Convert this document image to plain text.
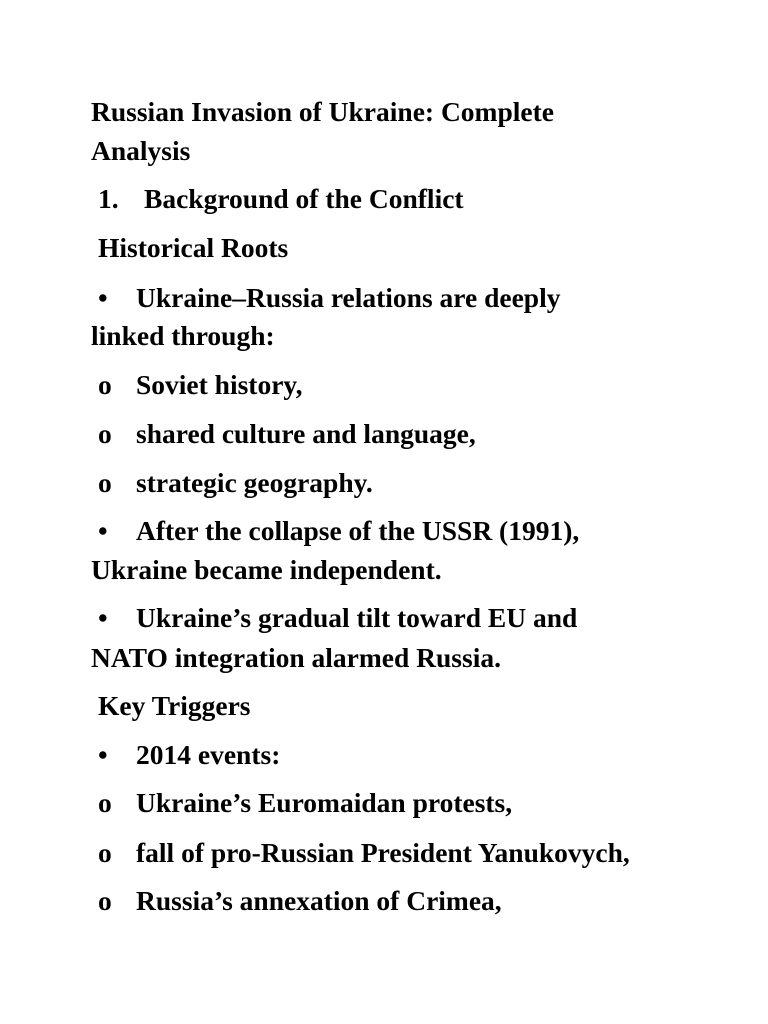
Russian Invasion of Ukraine: Complete
Analysis
1. Background of the Conflict
Historical Roots
• Ukraine–Russia relations are deeply
linked through:
o Soviet history,
o shared culture and language,
o strategic geography.
• After the collapse of the USSR (1991),
Ukraine became independent.
• Ukraine’s gradual tilt toward EU and
NATO integration alarmed Russia.
Key Triggers
• 2014 events:
o Ukraine’s Euromaidan protests,
o fall of pro-Russian President Yanukovych,
o Russia’s annexation of Crimea,
